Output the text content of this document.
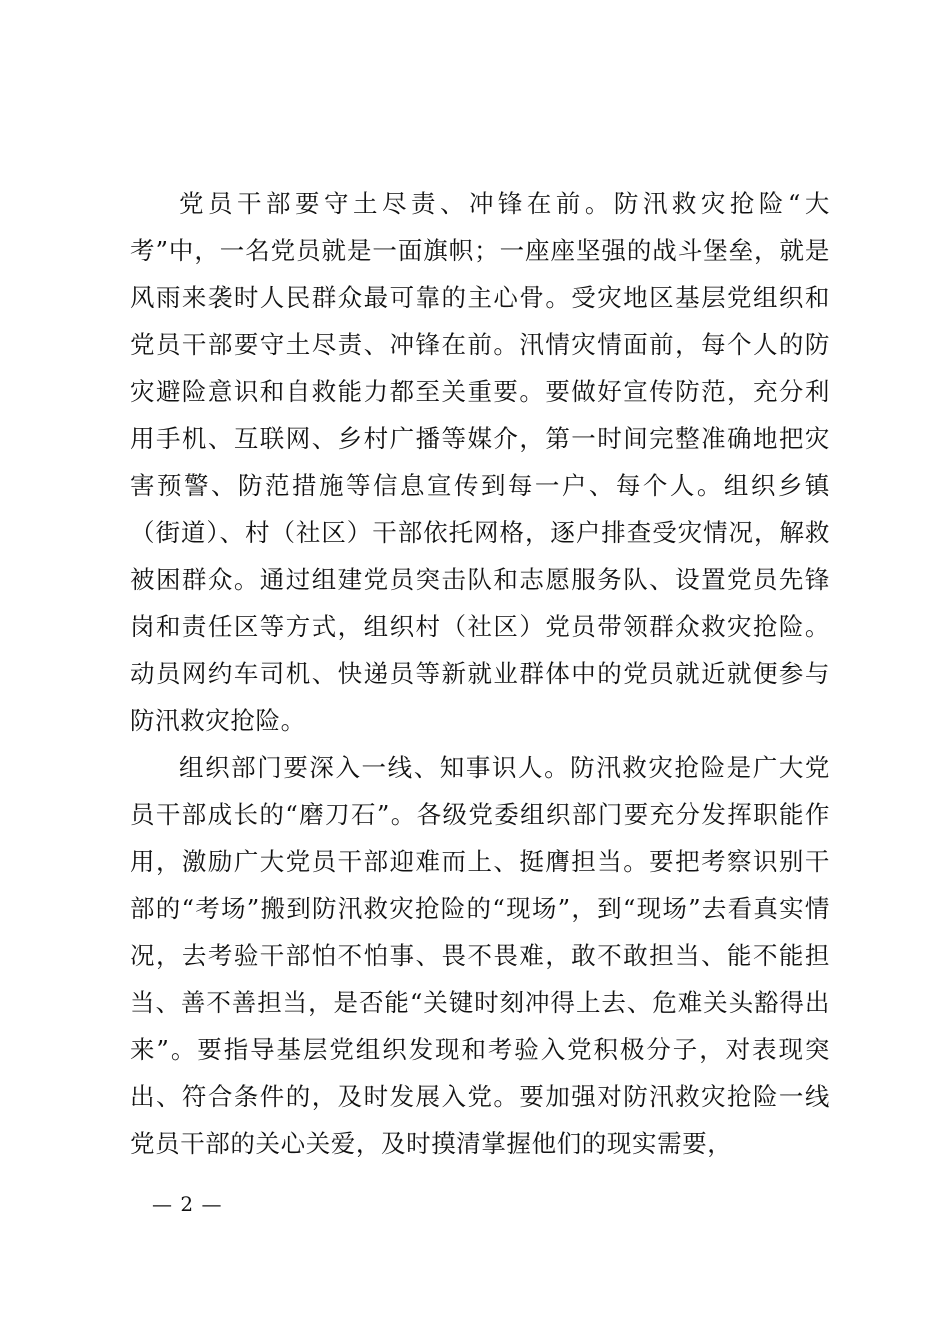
党员干部要守土尽责、冲锋在前。防汛救灾抢险“大考”中，一名党员就是一面旗帜；一座座坚强的战斗堡垒，就是风雨来袭时人民群众最可靠的主心骨。受灾地区基层党组织和党员干部要守土尽责、冲锋在前。汛情灾情面前，每个人的防灾避险意识和自救能力都至关重要。要做好宣传防范，充分利用手机、互联网、乡村广播等媒介，第一时间完整准确地把灾害预警、防范措施等信息宣传到每一户、每个人。组织乡镇（街道）、村（社区）干部依托网格，逐户排查受灾情况，解救被困群众。通过组建党员突击队和志愿服务队、设置党员先锋岗和责任区等方式，组织村（社区）党员带领群众救灾抢险。动员网约车司机、快递员等新就业群体中的党员就近就便参与防汛救灾抢险。

组织部门要深入一线、知事识人。防汛救灾抢险是广大党员干部成长的“磨刀石”。各级党委组织部门要充分发挥职能作用，激励广大党员干部迎难而上、挺膺担当。要把考察识别干部的“考场”搬到防汛救灾抢险的“现场”，到“现场”去看真实情况，去考验干部怕不怕事、畏不畏难，敢不敢担当、能不能担当、善不善担当，是否能“关键时刻冲得上去、危难关头豁得出来”。要指导基层党组织发现和考验入党积极分子，对表现突出、符合条件的，及时发展入党。要加强对防汛救灾抢险一线党员干部的关心关爱，及时摸清掌握他们的现实需要，

— 2 —
